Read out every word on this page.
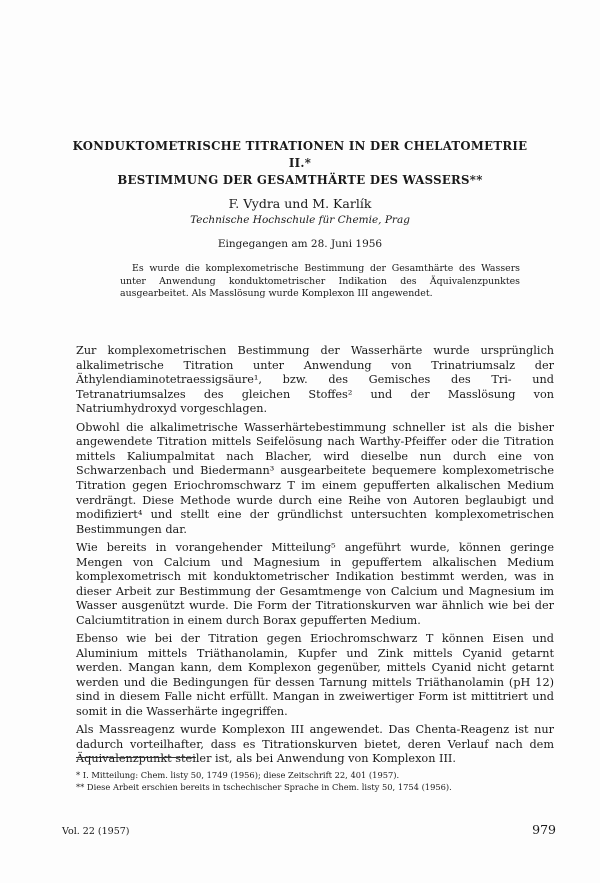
KONDUKTOMETRISCHE TITRATIONEN IN DER CHELATOMETRIE II.*
BESTIMMUNG DER GESAMTHÄRTE DES WASSERS**
F. Vydra und M. Karlík
Technische Hochschule für Chemie, Prag
Eingegangen am 28. Juni 1956
Es wurde die komplexometrische Bestimmung der Gesamthärte des Wassers unter Anwendung konduktometrischer Indikation des Äquivalenzpunktes ausgearbeitet. Als Masslösung wurde Komplexon III angewendet.

Zur komplexometrischen Bestimmung der Wasserhärte wurde ursprünglich alkalimetrische Titration unter Anwendung von Trinatriumsalz der Äthylendiaminotetraessigsäure¹, bzw. des Gemisches des Tri- und Tetranatriumsalzes des gleichen Stoffes² und der Masslösung von Natriumhydroxyd vorgeschlagen.

Obwohl die alkalimetrische Wasserhärtebestimmung schneller ist als die bisher angewendete Titration mittels Seifelösung nach Warthy-Pfeiffer oder die Titration mittels Kaliumpalmitat nach Blacher, wird dieselbe nun durch eine von Schwarzenbach und Biedermann³ ausgearbeitete bequemere komplexometrische Titration gegen Eriochromschwarz T im einem gepufferten alkalischen Medium verdrängt. Diese Methode wurde durch eine Reihe von Autoren beglaubigt und modifiziert⁴ und stellt eine der gründlichst untersuchten komplexometrischen Bestimmungen dar.

Wie bereits in vorangehender Mitteilung⁵ angeführt wurde, können geringe Mengen von Calcium und Magnesium in gepuffertem alkalischen Medium komplexometrisch mit konduktometrischer Indikation bestimmt werden, was in dieser Arbeit zur Bestimmung der Gesamtmenge von Calcium und Magnesium im Wasser ausgenützt wurde. Die Form der Titrationskurven war ähnlich wie bei der Calciumtitration in einem durch Borax gepufferten Medium.

Ebenso wie bei der Titration gegen Eriochromschwarz T können Eisen und Aluminium mittels Triäthanolamin, Kupfer und Zink mittels Cyanid getarnt werden. Mangan kann, dem Komplexon gegenüber, mittels Cyanid nicht getarnt werden und die Bedingungen für dessen Tarnung mittels Triäthanolamin (pH 12) sind in diesem Falle nicht erfüllt. Mangan in zweiwertiger Form ist mittitriert und somit in die Wasserhärte ingegriffen.

Als Massreagenz wurde Komplexon III angewendet. Das Chenta-Reagenz ist nur dadurch vorteilhafter, dass es Titrationskurven bietet, deren Verlauf nach dem Äquivalenzpunkt steiler ist, als bei Anwendung von Komplexon III.

* I. Mitteilung: Chem. listy 50, 1749 (1956); diese Zeitschrift 22, 401 (1957).
** Diese Arbeit erschien bereits in tschechischer Sprache in Chem. listy 50, 1754 (1956).
Vol. 22 (1957)	979
